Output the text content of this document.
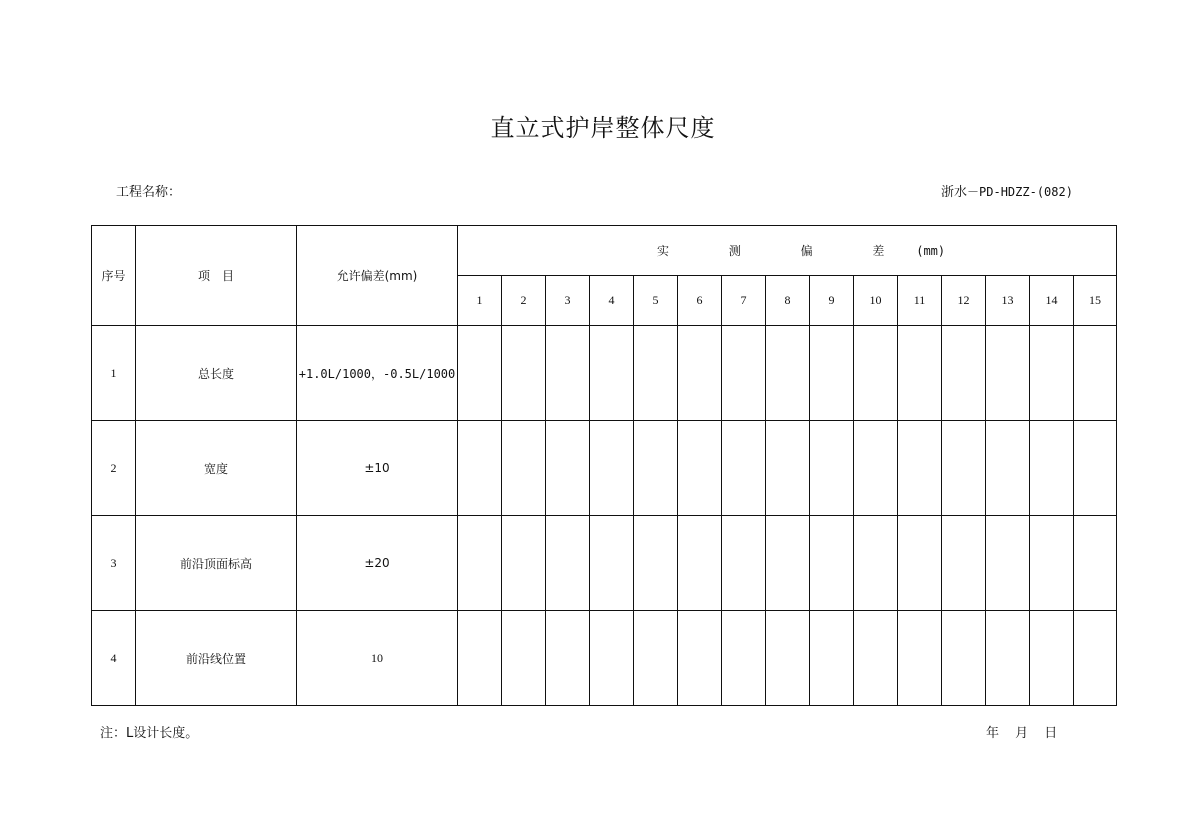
直立式护岸整体尺度
工程名称：	浙水－PD-HDZZ-(082)
序号	项　目	允许偏差(mm)	实 测 偏 差 (mm)														
			1	2	3	4	5	6	7	8	9	10	11	12	13	14	15
1	总长度	+1.0L/1000，-0.5L/1000															
2	宽度	±10															
3	前沿顶面标高	±20															
4	前沿线位置	10															
注：L设计长度。	年 月 日
